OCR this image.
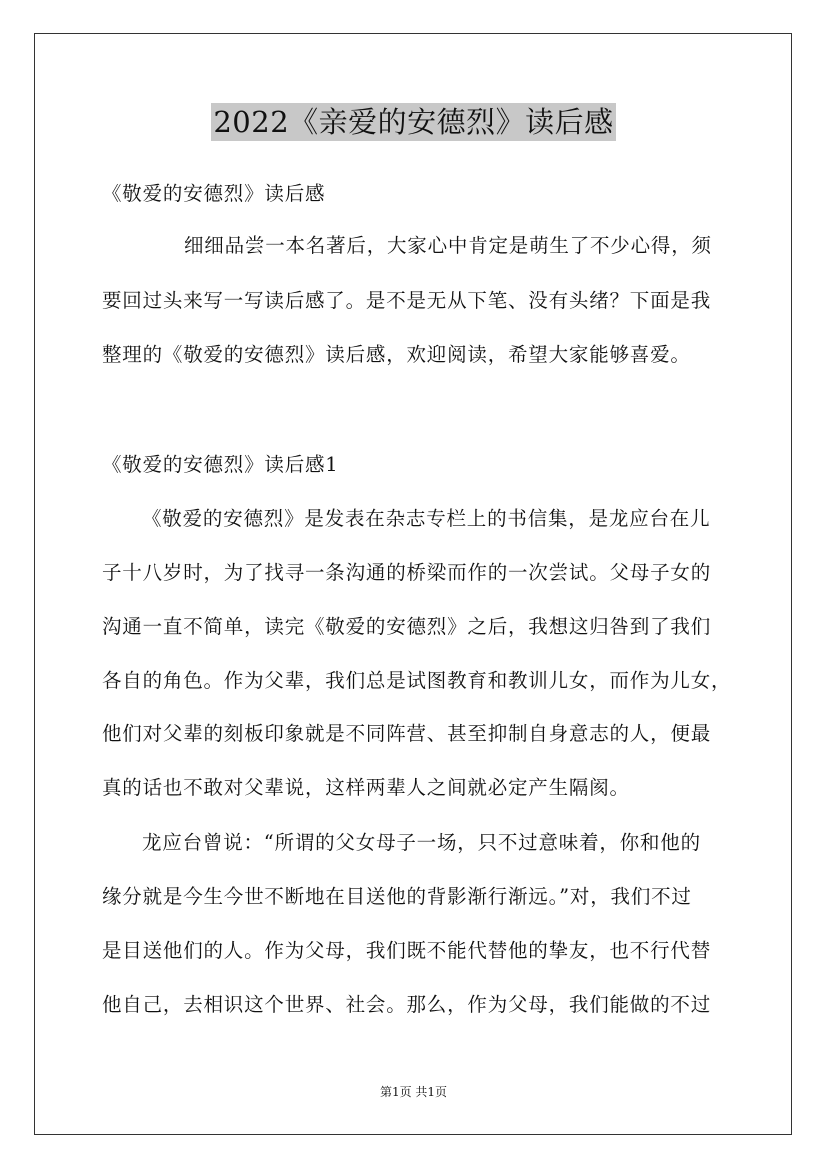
2022《亲爱的安德烈》读后感
《敬爱的安德烈》读后感
细细品尝一本名著后，大家心中肯定是萌生了不少心得，须
要回过头来写一写读后感了。是不是无从下笔、没有头绪？下面是我
整理的《敬爱的安德烈》读后感，欢迎阅读，希望大家能够喜爱。
《敬爱的安德烈》读后感1
《敬爱的安德烈》是发表在杂志专栏上的书信集，是龙应台在儿
子十八岁时，为了找寻一条沟通的桥梁而作的一次尝试。父母子女的
沟通一直不简单，读完《敬爱的安德烈》之后，我想这归咎到了我们
各自的角色。作为父辈，我们总是试图教育和教训儿女，而作为儿女，
他们对父辈的刻板印象就是不同阵营、甚至抑制自身意志的人，便最
真的话也不敢对父辈说，这样两辈人之间就必定产生隔阂。
龙应台曾说：“所谓的父女母子一场，只不过意味着，你和他的
缘分就是今生今世不断地在目送他的背影渐行渐远。”对，我们不过
是目送他们的人。作为父母，我们既不能代替他的挚友，也不行代替
他自己，去相识这个世界、社会。那么，作为父母，我们能做的不过
第1页 共1页
